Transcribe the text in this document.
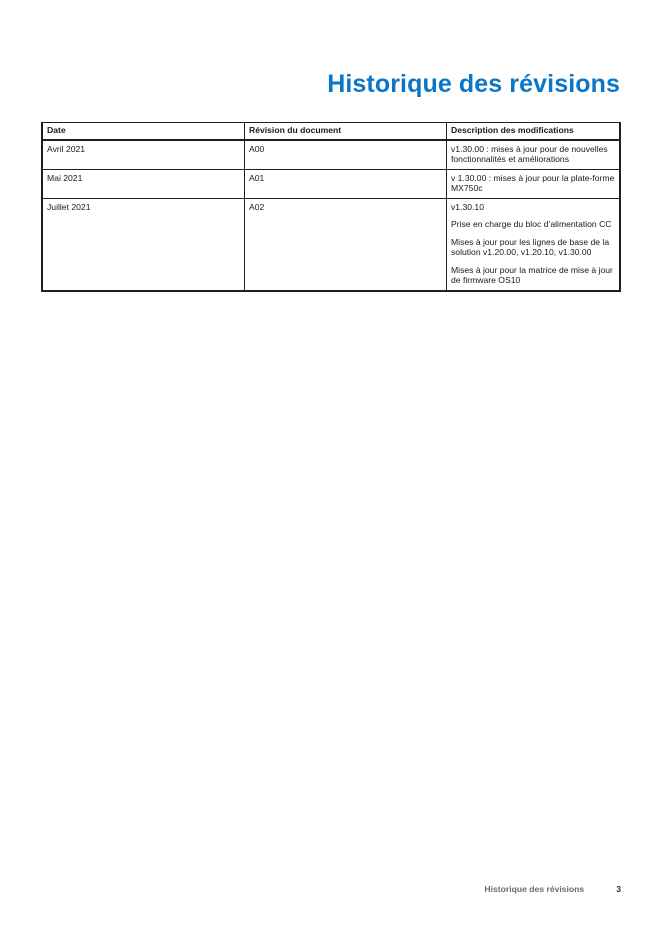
Historique des révisions
Date	Révision du document	Description des modifications
Avril 2021	A00	v1.30.00 : mises à jour pour de nouvelles fonctionnalités et améliorations

Mai 2021	A01	v 1.30.00 : mises à jour pour la plate-forme MX750c

Juillet 2021	A02	v1.30.10

Prise en charge du bloc d’alimentation CC

Mises à jour pour les lignes de base de la solution v1.20.00, v1.20.10, v1.30.00

Mises à jour pour la matrice de mise à jour de firmware OS10

Historique des révisions	3
